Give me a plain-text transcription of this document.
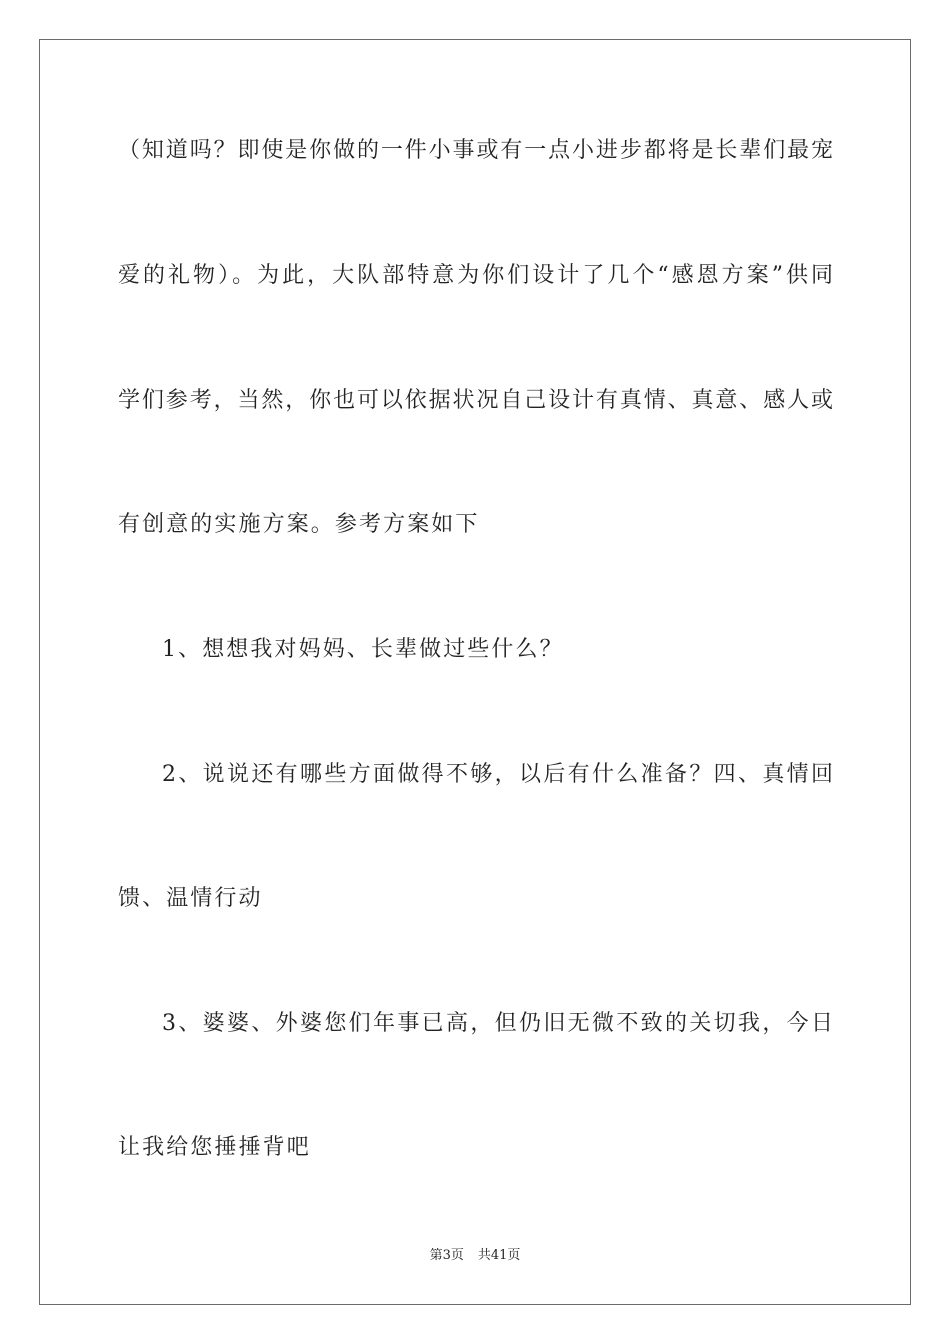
（知道吗？即使是你做的一件小事或有一点小进步都将是长辈们最宠
爱的礼物）。为此，大队部特意为你们设计了几个“感恩方案”供同
学们参考，当然，你也可以依据状况自己设计有真情、真意、感人或
有创意的实施方案。参考方案如下
1、想想我对妈妈、长辈做过些什么？
2、说说还有哪些方面做得不够，以后有什么准备？四、真情回
馈、温情行动
3、婆婆、外婆您们年事已高，但仍旧无微不致的关切我，今日
让我给您捶捶背吧
第3页 共41页
